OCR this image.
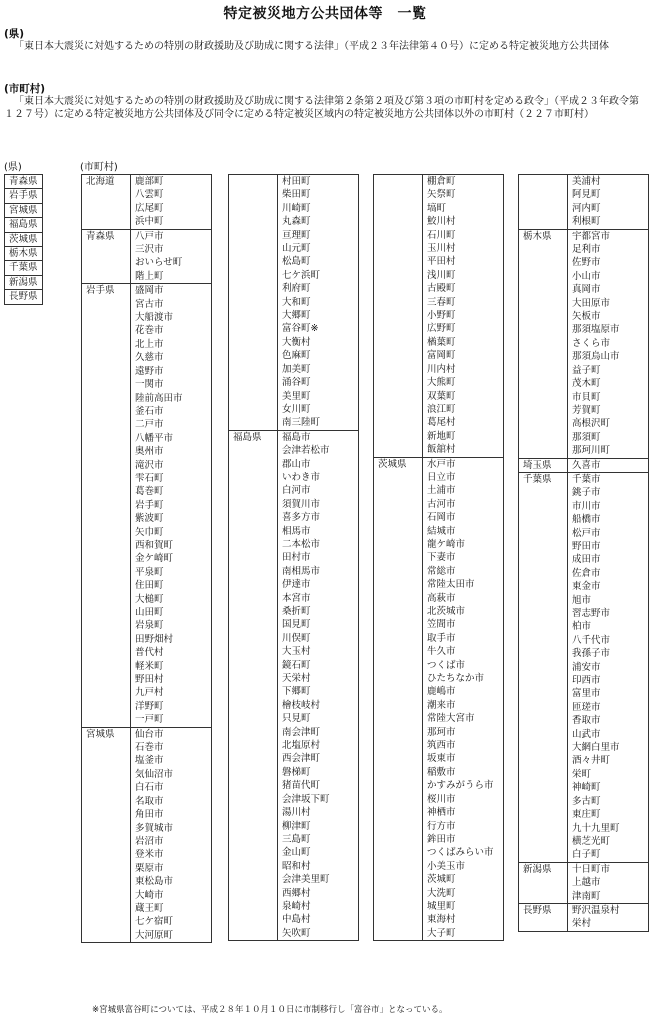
特定被災地方公共団体等　一覧
(県)
「東日本大震災に対処するための特別の財政援助及び助成に関する法律」（平成２３年法律第４０号）に定める特定被災地方公共団体
(市町村)
「東日本大震災に対処するための特別の財政援助及び助成に関する法律第２条第２項及び第３項の市町村を定める政令」（平成２３年政令第１２７号）に定める特定被災地方公共団体及び同令に定める特定被災区域内の特定被災地方公共団体以外の市町村（２２７市町村）
(県)	(市町村)
青森県
岩手県
宮城県
福島県
茨城県
栃木県
千葉県
新潟県
長野県
北海道	鹿部町
	八雲町
	広尾町
	浜中町
青森県	八戸市
	三沢市
	おいらせ町
	階上町
岩手県	盛岡市
	宮古市
	大船渡市
	花巻市
	北上市
	久慈市
	遠野市
	一関市
	陸前高田市
	釜石市
	二戸市
	八幡平市
	奥州市
	滝沢市
	雫石町
	葛巻町
	岩手町
	紫波町
	矢巾町
	西和賀町
	金ケ崎町
	平泉町
	住田町
	大槌町
	山田町
	岩泉町
	田野畑村
	普代村
	軽米町
	野田村
	九戸村
	洋野町
	一戸町
宮城県	仙台市
	石巻市
	塩釜市
	気仙沼市
	白石市
	名取市
	角田市
	多賀城市
	岩沼市
	登米市
	栗原市
	東松島市
	大崎市
	蔵王町
	七ケ宿町
	大河原町
	村田町
	柴田町
	川崎町
	丸森町
	亘理町
	山元町
	松島町
	七ケ浜町
	利府町
	大和町
	大郷町
	富谷町※
	大衡村
	色麻町
	加美町
	涌谷町
	美里町
	女川町
	南三陸町
福島県	福島市
	会津若松市
	郡山市
	いわき市
	白河市
	須賀川市
	喜多方市
	相馬市
	二本松市
	田村市
	南相馬市
	伊達市
	本宮市
	桑折町
	国見町
	川俣町
	大玉村
	鏡石町
	天栄村
	下郷町
	檜枝岐村
	只見町
	南会津町
	北塩原村
	西会津町
	磐梯町
	猪苗代町
	会津坂下町
	湯川村
	柳津町
	三島町
	金山町
	昭和村
	会津美里町
	西郷村
	泉崎村
	中島村
	矢吹町
	棚倉町
	矢祭町
	塙町
	鮫川村
	石川町
	玉川村
	平田村
	浅川町
	古殿町
	三春町
	小野町
	広野町
	楢葉町
	富岡町
	川内村
	大熊町
	双葉町
	浪江町
	葛尾村
	新地町
	飯舘村
茨城県	水戸市
	日立市
	土浦市
	古河市
	石岡市
	結城市
	龍ケ崎市
	下妻市
	常総市
	常陸太田市
	高萩市
	北茨城市
	笠間市
	取手市
	牛久市
	つくば市
	ひたちなか市
	鹿嶋市
	潮来市
	常陸大宮市
	那珂市
	筑西市
	坂東市
	稲敷市
	かすみがうら市
	桜川市
	神栖市
	行方市
	鉾田市
	つくばみらい市
	小美玉市
	茨城町
	大洗町
	城里町
	東海村
	大子町
	美浦村
	阿見町
	河内町
	利根町
栃木県	宇都宮市
	足利市
	佐野市
	小山市
	真岡市
	大田原市
	矢板市
	那須塩原市
	さくら市
	那須烏山市
	益子町
	茂木町
	市貝町
	芳賀町
	高根沢町
	那須町
	那珂川町
埼玉県	久喜市
千葉県	千葉市
	銚子市
	市川市
	船橋市
	松戸市
	野田市
	成田市
	佐倉市
	東金市
	旭市
	習志野市
	柏市
	八千代市
	我孫子市
	浦安市
	印西市
	富里市
	匝瑳市
	香取市
	山武市
	大網白里市
	酒々井町
	栄町
	神崎町
	多古町
	東庄町
	九十九里町
	横芝光町
	白子町
新潟県	十日町市
	上越市
	津南町
長野県	野沢温泉村
	栄村
※宮城県富谷町については、平成２８年１０月１０日に市制移行し「富谷市」となっている。
